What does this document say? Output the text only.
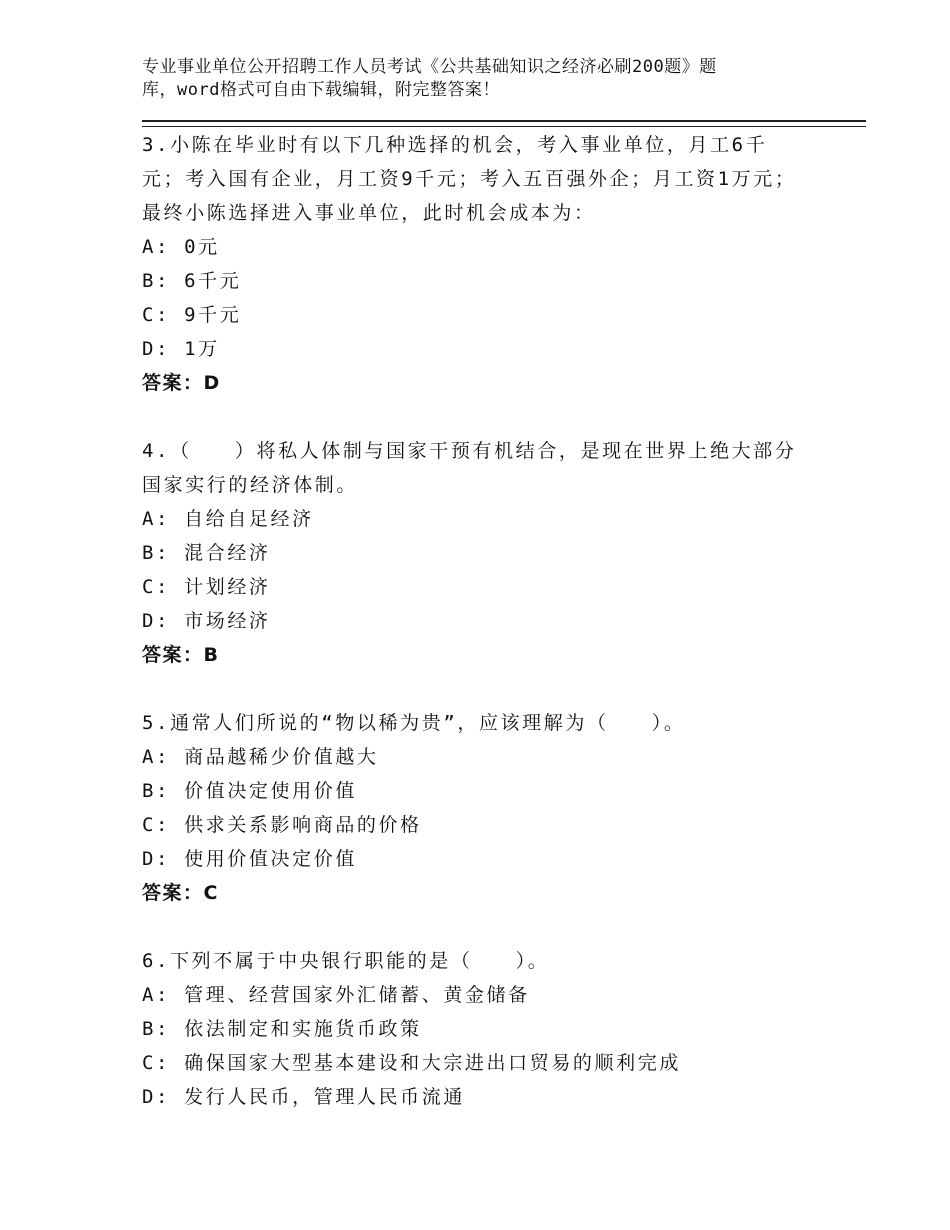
专业事业单位公开招聘工作人员考试《公共基础知识之经济必刷200题》题
库，word格式可自由下载编辑，附完整答案！
3.小陈在毕业时有以下几种选择的机会，考入事业单位，月工6千
元；考入国有企业，月工资9千元；考入五百强外企；月工资1万元；
最终小陈选择进入事业单位，此时机会成本为：
A: 0元
B: 6千元
C: 9千元
D: 1万
答案：D
4.（　　）将私人体制与国家干预有机结合，是现在世界上绝大部分
国家实行的经济体制。
A: 自给自足经济
B: 混合经济
C: 计划经济
D: 市场经济
答案：B
5.通常人们所说的“物以稀为贵”，应该理解为（　　）。
A: 商品越稀少价值越大
B: 价值决定使用价值
C: 供求关系影响商品的价格
D: 使用价值决定价值
答案：C
6.下列不属于中央银行职能的是（　　）。
A: 管理、经营国家外汇储蓄、黄金储备
B: 依法制定和实施货币政策
C: 确保国家大型基本建设和大宗进出口贸易的顺利完成
D: 发行人民币，管理人民币流通
